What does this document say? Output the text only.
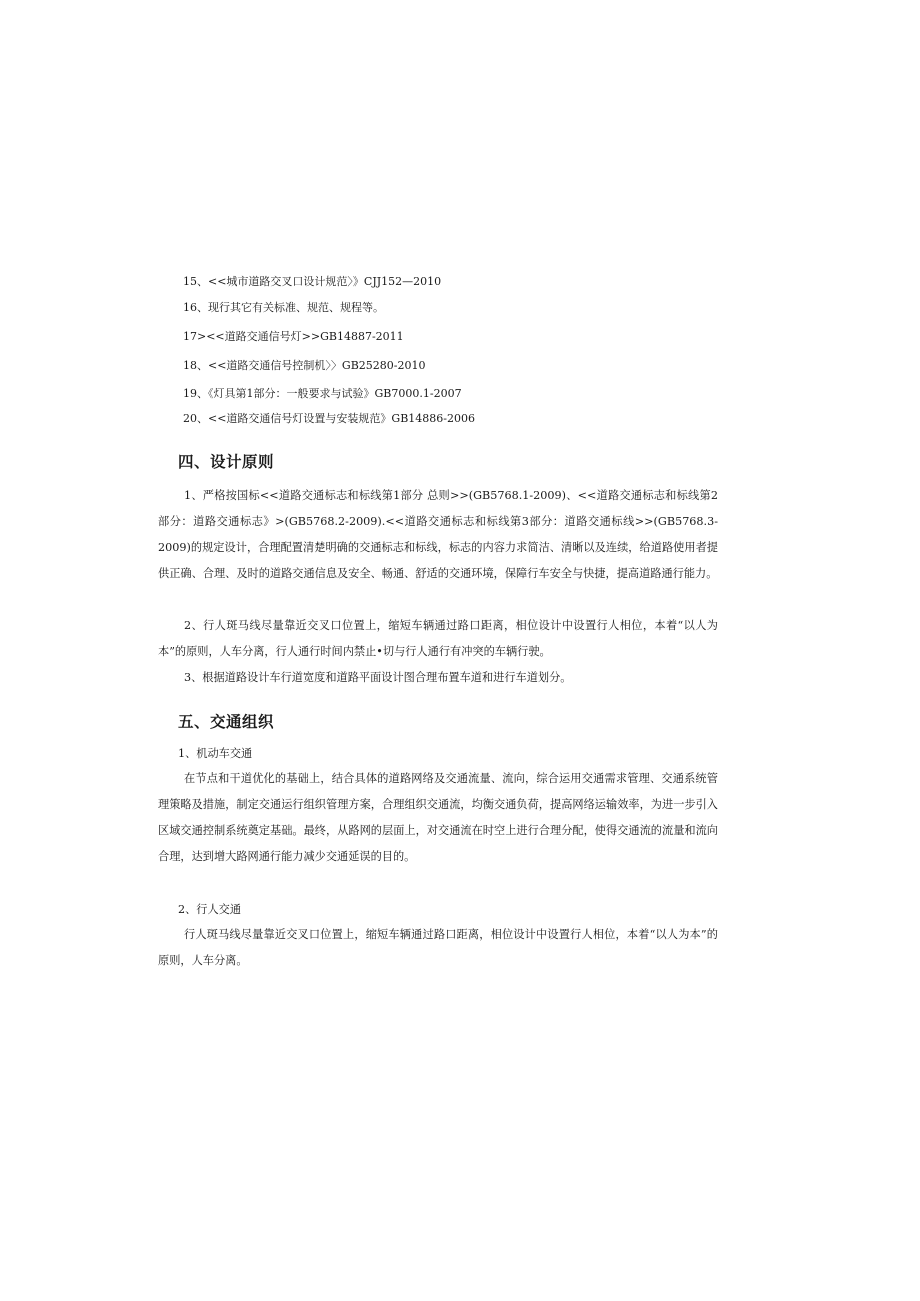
15、<<城市道路交叉口设计规范〉》CJJ152—2010
16、现行其它有关标准、规范、规程等。
17><<道路交通信号灯>>GB14887-2011
18、<<道路交通信号控制机〉〉GB25280-2010
19、《灯具第1部分：一般要求与试验》GB7000.1-2007
20、<<道路交通信号灯设置与安装规范》GB14886-2006
四、设计原则
1、严格按国标<<道路交通标志和标线第1部分 总则>>(GB5768.1-2009)、<<道路交通标志和标线第2部分：道路交通标志》>(GB5768.2-2009).<<道路交通标志和标线第3部分：道路交通标线>>(GB5768.3-2009)的规定设计，合理配置清楚明确的交通标志和标线，标志的内容力求简洁、清晰以及连续，给道路使用者提供正确、合理、及时的道路交通信息及安全、畅通、舒适的交通环境，保障行车安全与快捷，提高道路通行能力。
2、行人斑马线尽量靠近交叉口位置上，缩短车辆通过路口距离，相位设计中设置行人相位，本着“以人为本”的原则，人车分离，行人通行时间内禁止•切与行人通行有冲突的车辆行驶。
3、根据道路设计车行道宽度和道路平面设计图合理布置车道和进行车道划分。
五、交通组织
1、机动车交通
在节点和干道优化的基础上，结合具体的道路网络及交通流量、流向，综合运用交通需求管理、交通系统管理策略及措施，制定交通运行组织管理方案，合理组织交通流，均衡交通负荷，提高网络运输效率，为进一步引入区域交通控制系统奠定基础。最终，从路网的层面上，对交通流在时空上进行合理分配，使得交通流的流量和流向合理，达到增大路网通行能力减少交通延误的目的。
2、行人交通
行人斑马线尽量靠近交叉口位置上，缩短车辆通过路口距离，相位设计中设置行人相位，本着“以人为本”的原则，人车分离。
